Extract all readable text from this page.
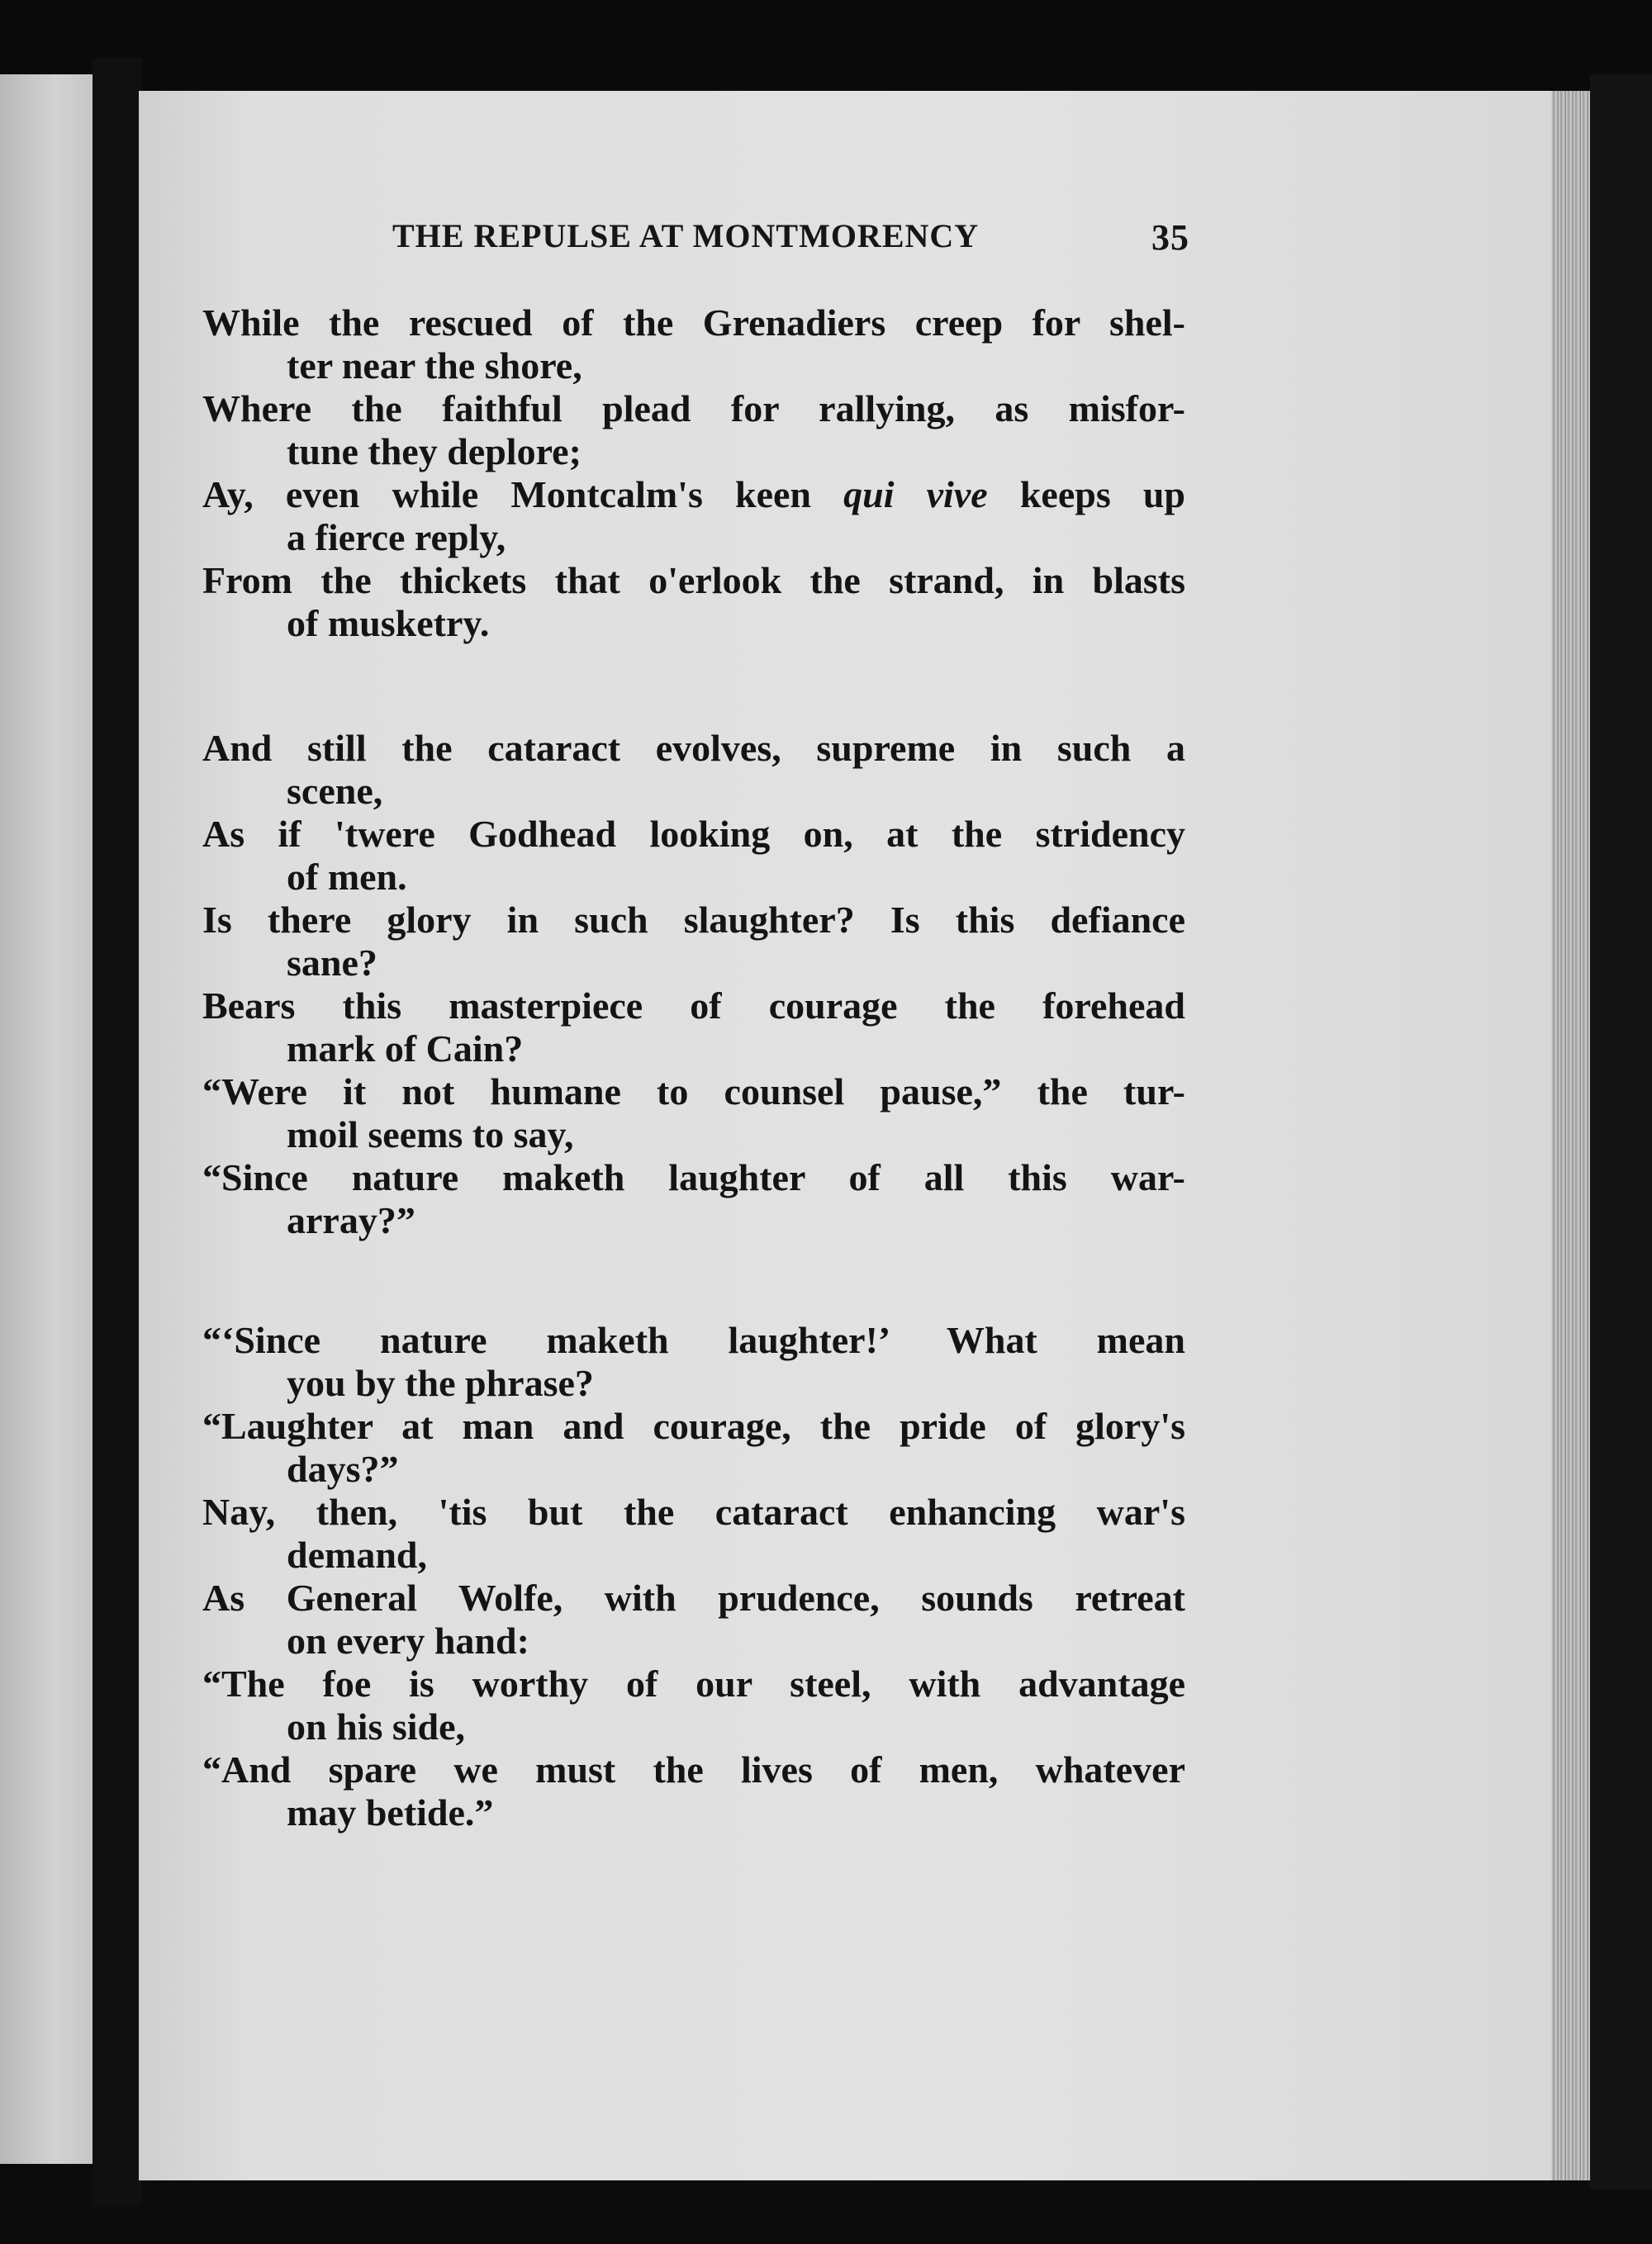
THE REPULSE AT MONTMORENCY	35
While the rescued of the Grenadiers creep for shel-
ter near the shore,
Where the faithful plead for rallying, as misfor-
tune they deplore;
Ay, even while Montcalm's keen qui vive keeps up
a fierce reply,
From the thickets that o'erlook the strand, in blasts
of musketry.
And still the cataract evolves, supreme in such a
scene,
As if 'twere Godhead looking on, at the stridency
of men.
Is there glory in such slaughter? Is this defiance
sane?
Bears this masterpiece of courage the forehead
mark of Cain?
“Were it not humane to counsel pause,” the tur-
moil seems to say,
“Since nature maketh laughter of all this war-
array?”
“‘Since nature maketh laughter!’ What mean
you by the phrase?
“Laughter at man and courage, the pride of glory's
days?”
Nay, then, 'tis but the cataract enhancing war's
demand,
As General Wolfe, with prudence, sounds retreat
on every hand:
“The foe is worthy of our steel, with advantage
on his side,
“And spare we must the lives of men, whatever
may betide.”
